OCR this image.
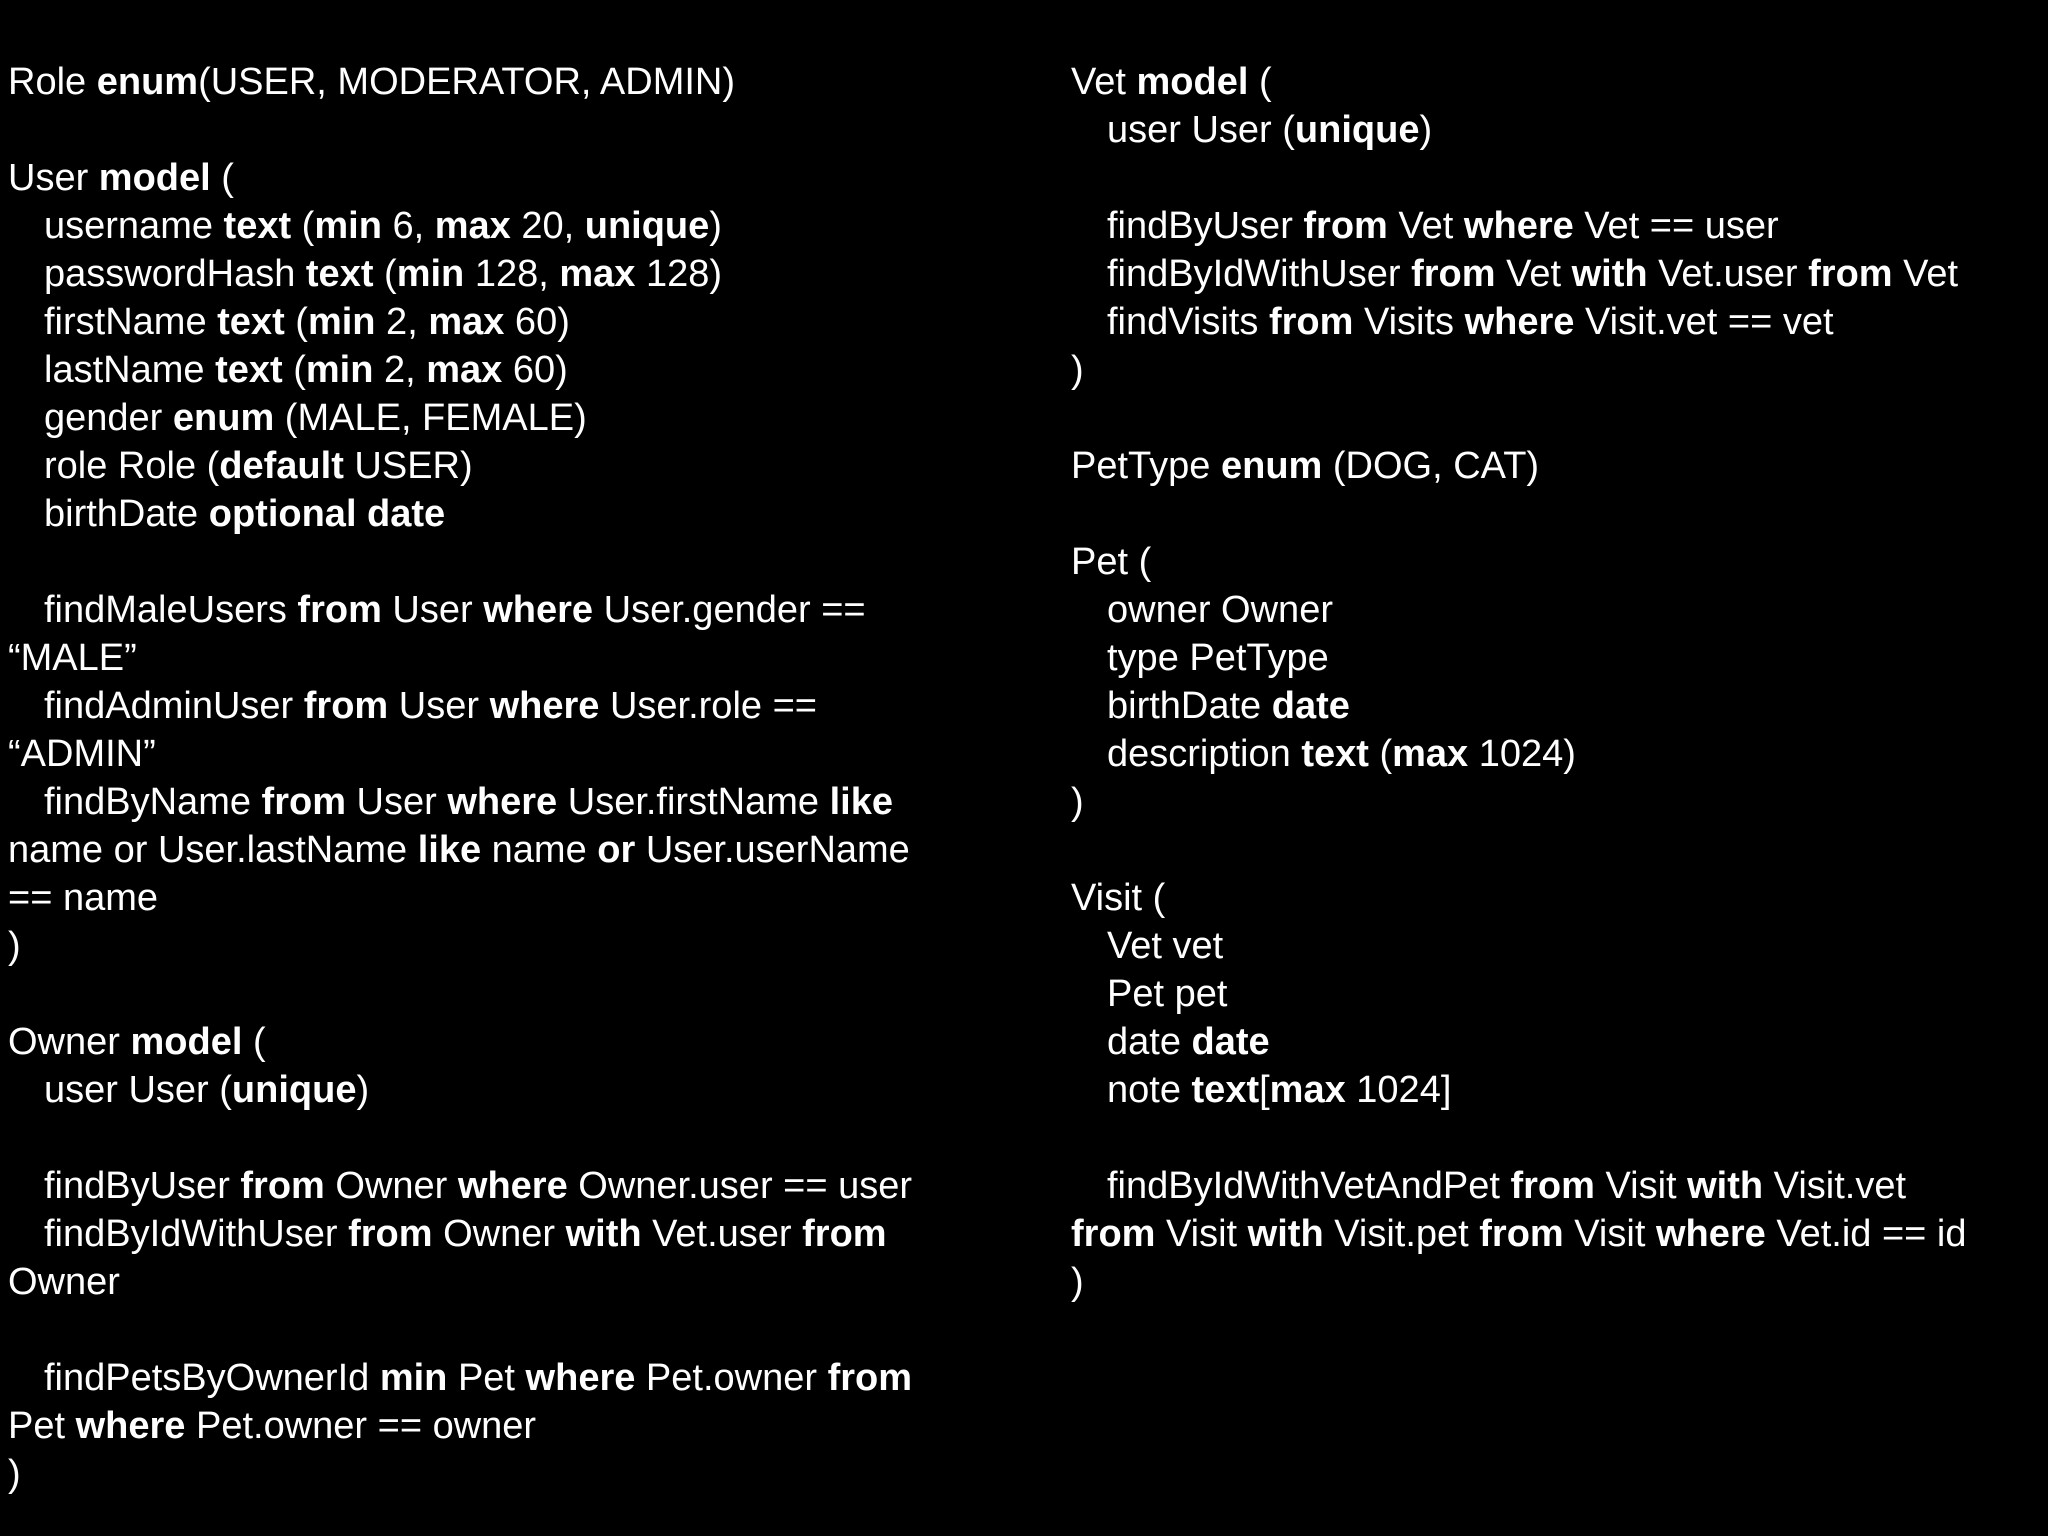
Role enum(USER, MODERATOR, ADMIN)
User model (
username text (min 6, max 20, unique)
passwordHash text (min 128, max 128)
firstName text (min 2, max 60)
lastName text (min 2, max 60)
gender enum (MALE, FEMALE)
role Role (default USER)
birthDate optional date
findMaleUsers from User where User.gender ==
“MALE”
findAdminUser from User where User.role ==
“ADMIN”
findByName from User where User.firstName like
name or User.lastName like name or User.userName
== name
)
Owner model (
user User (unique)
findByUser from Owner where Owner.user == user
findByIdWithUser from Owner with Vet.user from
Owner
findPetsByOwnerId min Pet where Pet.owner from
Pet where Pet.owner == owner
)
Vet model (
user User (unique)
findByUser from Vet where Vet == user
findByIdWithUser from Vet with Vet.user from Vet
findVisits from Visits where Visit.vet == vet
)
PetType enum (DOG, CAT)
Pet (
owner Owner
type PetType
birthDate date
description text (max 1024)
)
Visit (
Vet vet
Pet pet
date date
note text[max 1024]
findByIdWithVetAndPet from Visit with Visit.vet
from Visit with Visit.pet from Visit where Vet.id == id
)
